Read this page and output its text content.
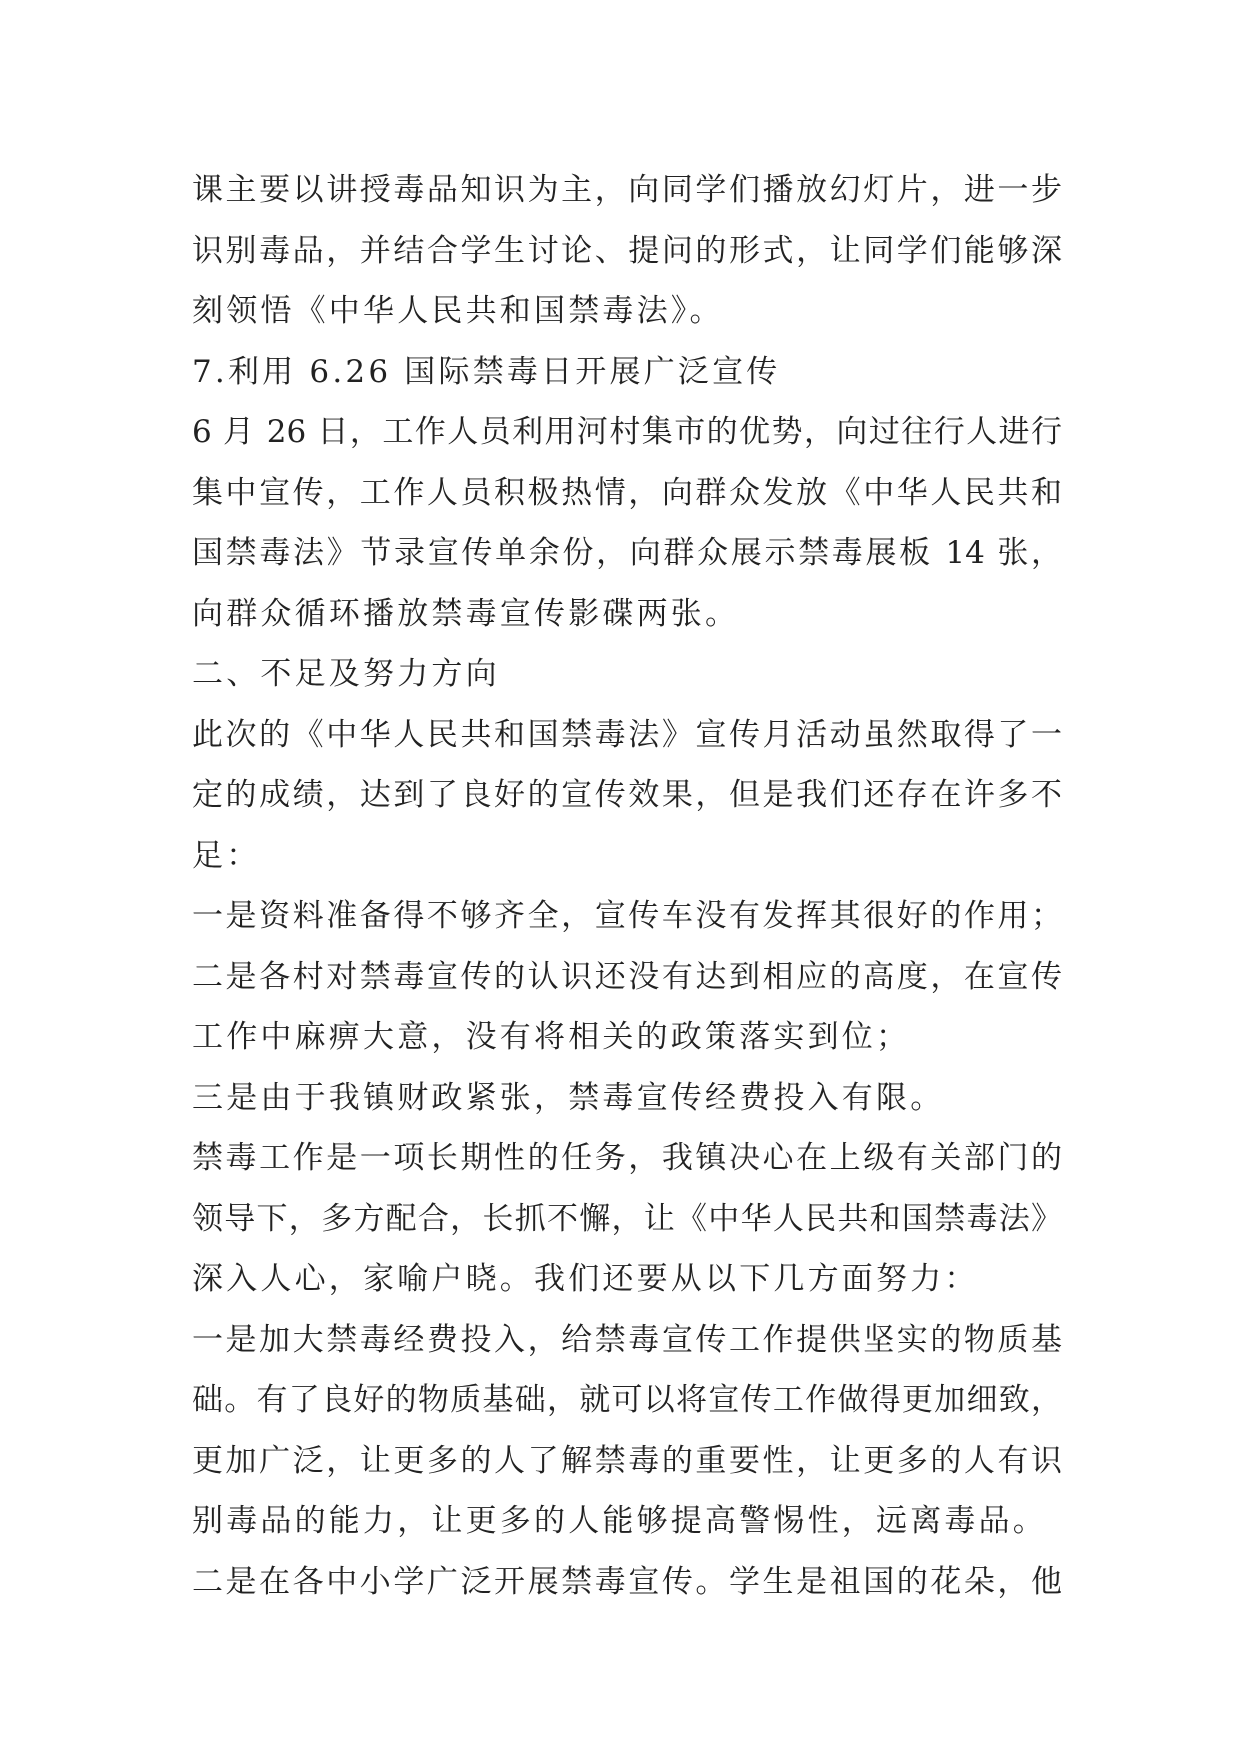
课主要以讲授毒品知识为主，向同学们播放幻灯片，进一步
识别毒品，并结合学生讨论、提问的形式，让同学们能够深
刻领悟《中华人民共和国禁毒法》。
7.利用 6.26 国际禁毒日开展广泛宣传
6 月 26 日，工作人员利用河村集市的优势，向过往行人进行
集中宣传，工作人员积极热情，向群众发放《中华人民共和
国禁毒法》节录宣传单余份，向群众展示禁毒展板 14 张，
向群众循环播放禁毒宣传影碟两张。
二、不足及努力方向
此次的《中华人民共和国禁毒法》宣传月活动虽然取得了一
定的成绩，达到了良好的宣传效果，但是我们还存在许多不
足：
一是资料准备得不够齐全，宣传车没有发挥其很好的作用；
二是各村对禁毒宣传的认识还没有达到相应的高度，在宣传
工作中麻痹大意，没有将相关的政策落实到位；
三是由于我镇财政紧张，禁毒宣传经费投入有限。
禁毒工作是一项长期性的任务，我镇决心在上级有关部门的
领导下，多方配合，长抓不懈，让《中华人民共和国禁毒法》
深入人心，家喻户晓。我们还要从以下几方面努力：
一是加大禁毒经费投入，给禁毒宣传工作提供坚实的物质基
础。有了良好的物质基础，就可以将宣传工作做得更加细致，
更加广泛，让更多的人了解禁毒的重要性，让更多的人有识
别毒品的能力，让更多的人能够提高警惕性，远离毒品。
二是在各中小学广泛开展禁毒宣传。学生是祖国的花朵，他
